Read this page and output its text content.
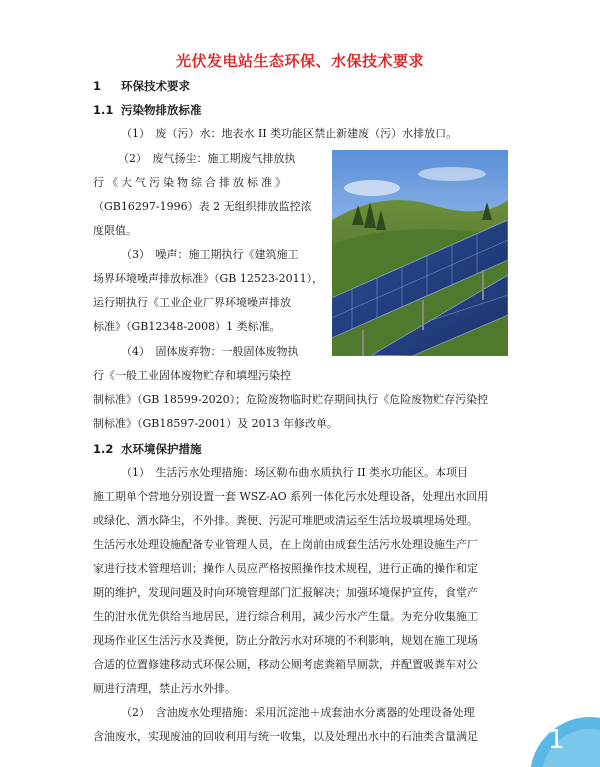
光伏发电站生态环保、水保技术要求
1 环保技术要求
1.1 污染物排放标准
（1）　废（污）水：地表水 II 类功能区禁止新建废（污）水排放口。
（2）　废气扬尘：施工期废气排放执
行《大气污染物综合排放标准》
（GB16297-1996）表 2 无组织排放监控浓
度限值。
（3）　噪声：施工期执行《建筑施工
场界环境噪声排放标准》（GB 12523-2011），
运行期执行《工业企业厂界环境噪声排放
标准》（GB12348-2008）1 类标准。
（4）　固体废弃物：一般固体废物执
行《一般工业固体废物贮存和填埋污染控
制标准》（GB 18599-2020）；危险废物临时贮存期间执行《危险废物贮存污染控
制标准》（GB18597-2001）及 2013 年修改单。
1.2 水环境保护措施
（1）　生活污水处理措施：场区勒布曲水质执行 II 类水功能区。本项目
施工期单个营地分别设置一套 WSZ-AO 系列一体化污水处理设备，处理出水回用
或绿化、洒水降尘，不外排。粪便、污泥可堆肥或清运至生活垃圾填埋场处理。
生活污水处理设施配备专业管理人员，在上岗前由成套生活污水处理设施生产厂
家进行技术管理培训；操作人员应严格按照操作技术规程，进行正确的操作和定
期的维护，发现问题及时向环境管理部门汇报解决；加强环境保护宣传，食堂产
生的泔水优先供给当地居民，进行综合利用，减少污水产生量。为充分收集施工
现场作业区生活污水及粪便，防止分散污水对环境的不利影响，规划在施工现场
合适的位置修建移动式环保公厕，移动公厕考虑粪箱旱厕款，并配置吸粪车对公
厕进行清理，禁止污水外排。
（2）　含油废水处理措施：采用沉淀池＋成套油水分离器的处理设备处理
含油废水，实现废油的回收利用与统一收集，以及处理出水中的石油类含量满足	1
